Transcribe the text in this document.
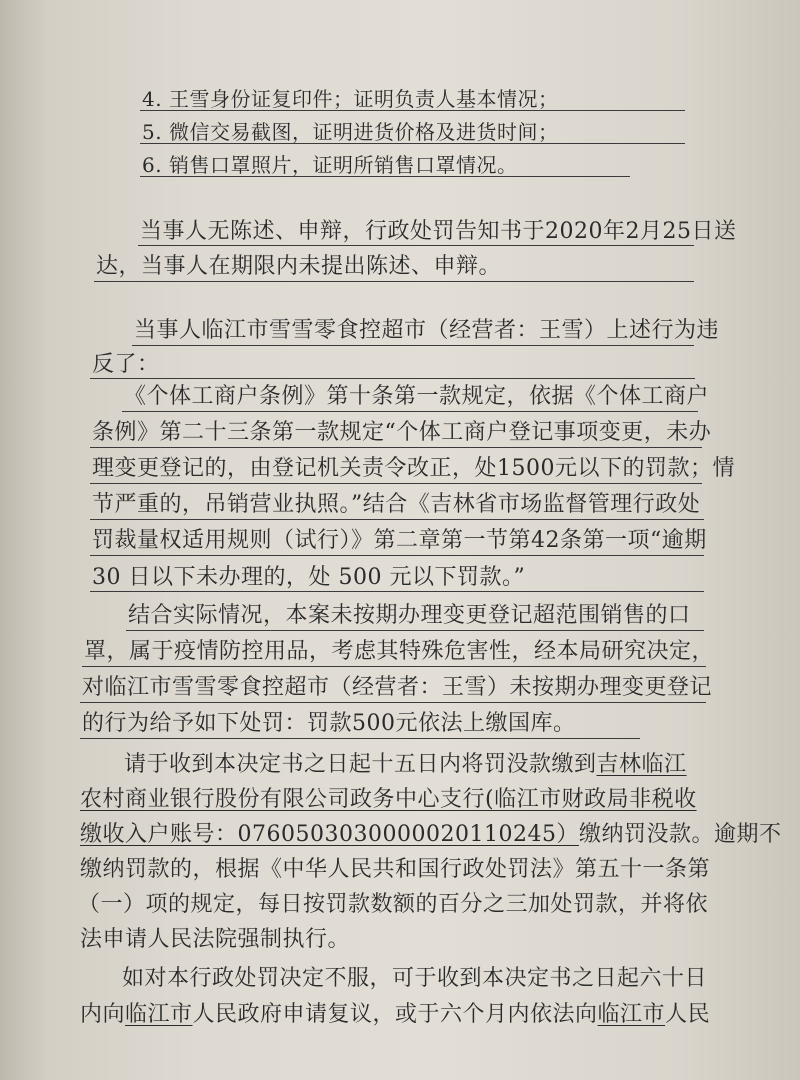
4. 王雪身份证复印件；证明负责人基本情况；
5. 微信交易截图，证明进货价格及进货时间；
6. 销售口罩照片，证明所销售口罩情况。
当事人无陈述、申辩，行政处罚告知书于2020年2月25日送
达，当事人在期限内未提出陈述、申辩。
当事人临江市雪雪零食控超市（经营者：王雪）上述行为违
反了：
《个体工商户条例》第十条第一款规定，依据《个体工商户
条例》第二十三条第一款规定“个体工商户登记事项变更，未办
理变更登记的，由登记机关责令改正，处1500元以下的罚款；情
节严重的，吊销营业执照。”结合《吉林省市场监督管理行政处
罚裁量权适用规则（试行）》第二章第一节第42条第一项“逾期
30 日以下未办理的，处 500 元以下罚款。”
结合实际情况，本案未按期办理变更登记超范围销售的口
罩，属于疫情防控用品，考虑其特殊危害性，经本局研究决定，
对临江市雪雪零食控超市（经营者：王雪）未按期办理变更登记
的行为给予如下处罚：罚款500元依法上缴国库。
请于收到本决定书之日起十五日内将罚没款缴到吉林临江
农村商业银行股份有限公司政务中心支行(临江市财政局非税收
缴收入户账号：07605030300000201102​45）缴纳罚没款。逾期不
缴纳罚款的，根据《中华人民共和国行政处罚法》第五十一条第
（一）项的规定，每日按罚款数额的百分之三加处罚款，并将依
法申请人民法院强制执行。
如对本行政处罚决定不服，可于收到本决定书之日起六十日
内向临江市人民政府申请复议，或于六个月内依法向临江市人民
